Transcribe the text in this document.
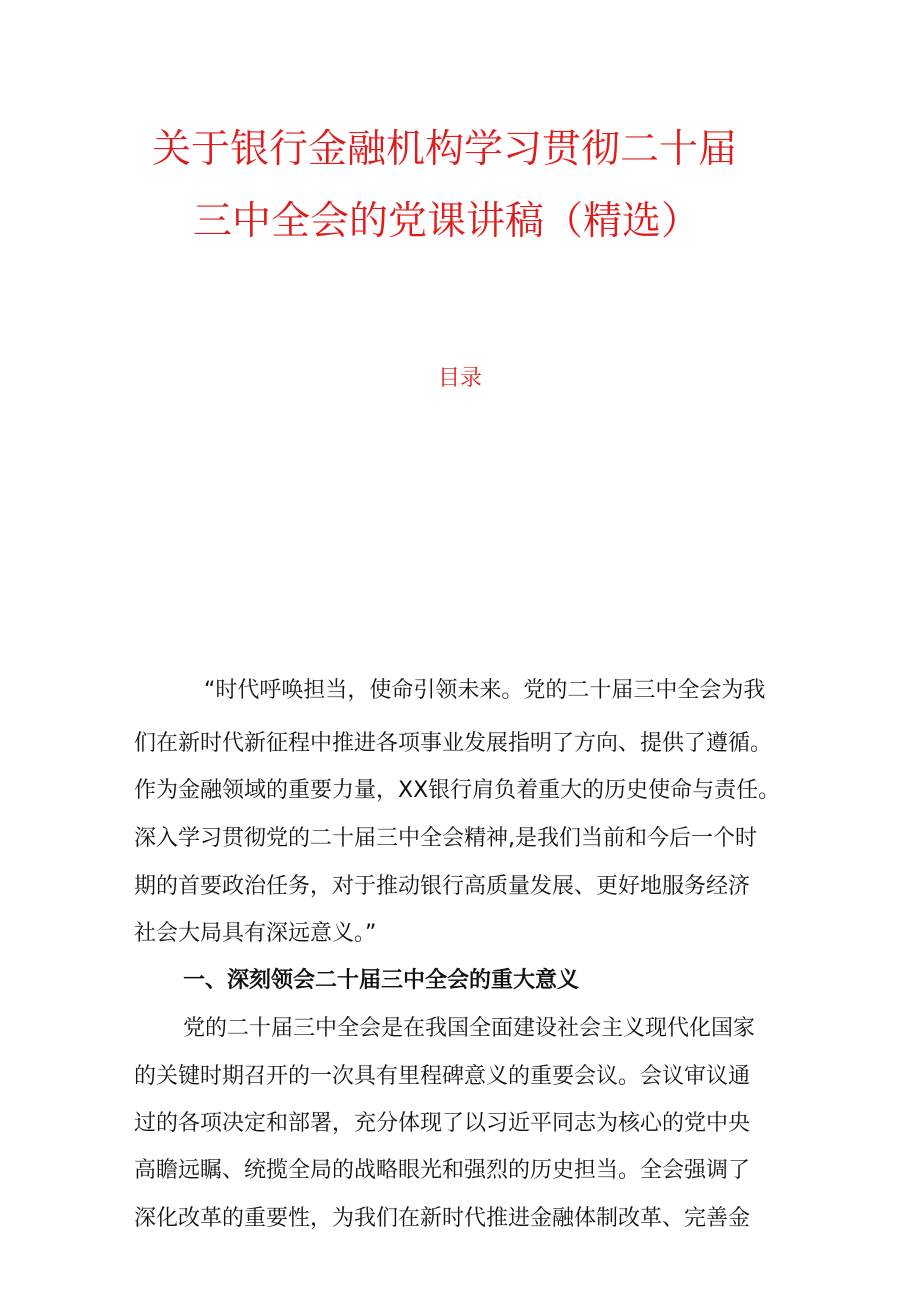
关于银行金融机构学习贯彻二十届
三中全会的党课讲稿（精选）
目录
“时代呼唤担当，使命引领未来。党的二十届三中全会为我
们在新时代新征程中推进各项事业发展指明了方向、提供了遵循。
作为金融领域的重要力量，XX银行肩负着重大的历史使命与责任。
深入学习贯彻党的二十届三中全会精神,是我们当前和今后一个时
期的首要政治任务，对于推动银行高质量发展、更好地服务经济
社会大局具有深远意义。”
一、深刻领会二十届三中全会的重大意义
党的二十届三中全会是在我国全面建设社会主义现代化国家
的关键时期召开的一次具有里程碑意义的重要会议。会议审议通
过的各项决定和部署，充分体现了以习近平同志为核心的党中央
高瞻远瞩、统揽全局的战略眼光和强烈的历史担当。全会强调了
深化改革的重要性，为我们在新时代推进金融体制改革、完善金
